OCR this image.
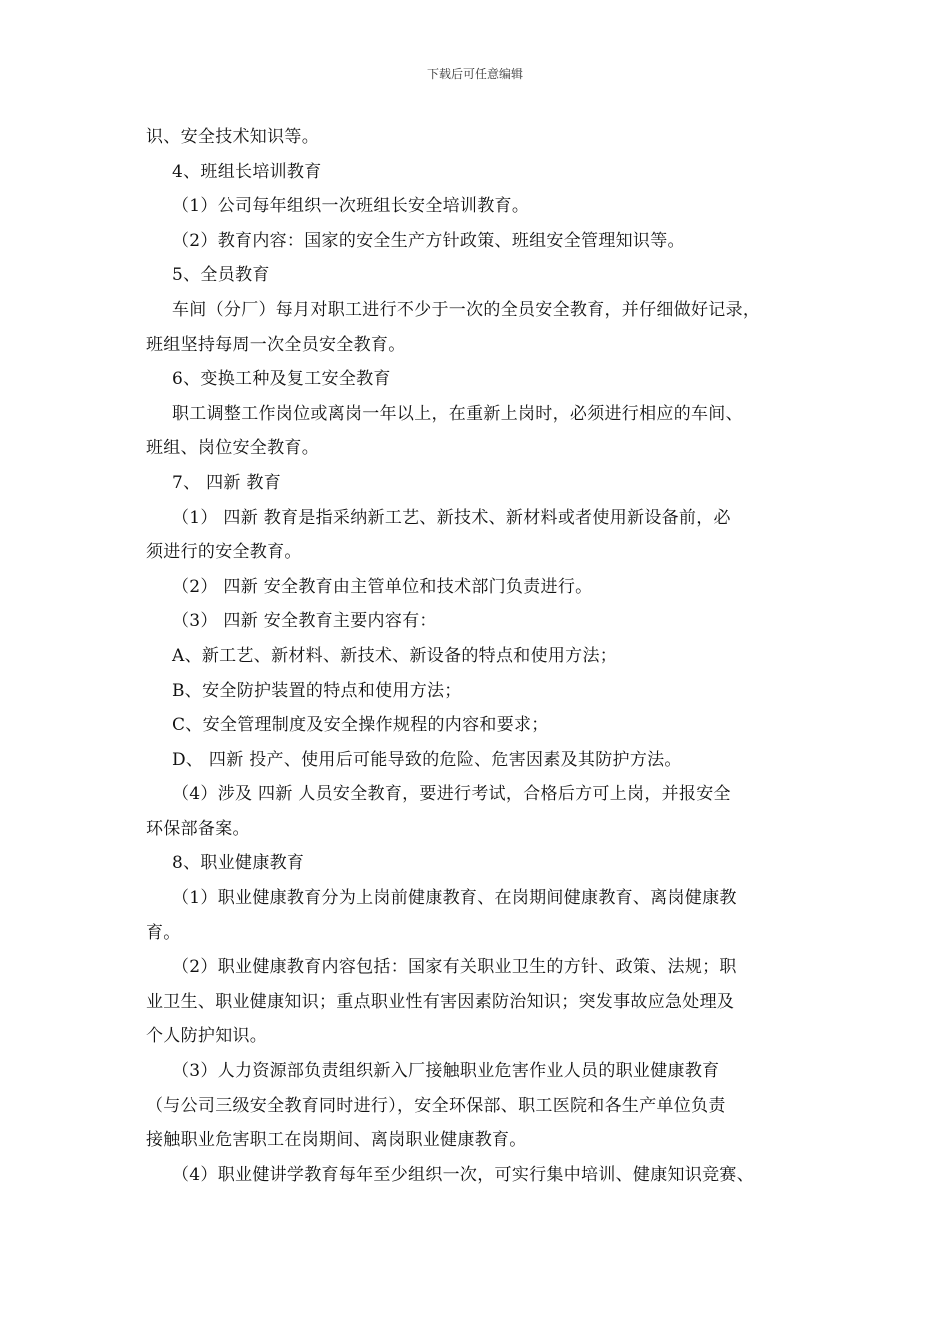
下载后可任意编辑
识、安全技术知识等。
4、班组长培训教育
（1）公司每年组织一次班组长安全培训教育。
（2）教育内容：国家的安全生产方针政策、班组安全管理知识等。
5、全员教育
车间（分厂）每月对职工进行不少于一次的全员安全教育，并仔细做好记录，
班组坚持每周一次全员安全教育。
6、变换工种及复工安全教育
职工调整工作岗位或离岗一年以上，在重新上岗时，必须进行相应的车间、
班组、岗位安全教育。
7、 四新 教育
（1） 四新 教育是指采纳新工艺、新技术、新材料或者使用新设备前，必
须进行的安全教育。
（2） 四新 安全教育由主管单位和技术部门负责进行。
（3） 四新 安全教育主要内容有：
A、新工艺、新材料、新技术、新设备的特点和使用方法；
B、安全防护装置的特点和使用方法；
C、安全管理制度及安全操作规程的内容和要求；
D、 四新 投产、使用后可能导致的危险、危害因素及其防护方法。
（4）涉及 四新 人员安全教育，要进行考试，合格后方可上岗，并报安全
环保部备案。
8、职业健康教育
（1）职业健康教育分为上岗前健康教育、在岗期间健康教育、离岗健康教
育。
（2）职业健康教育内容包括：国家有关职业卫生的方针、政策、法规；职
业卫生、职业健康知识；重点职业性有害因素防治知识；突发事故应急处理及
个人防护知识。
（3）人力资源部负责组织新入厂接触职业危害作业人员的职业健康教育
（与公司三级安全教育同时进行），安全环保部、职工医院和各生产单位负责
接触职业危害职工在岗期间、离岗职业健康教育。
（4）职业健讲学教育每年至少组织一次，可实行集中培训、健康知识竞赛、
